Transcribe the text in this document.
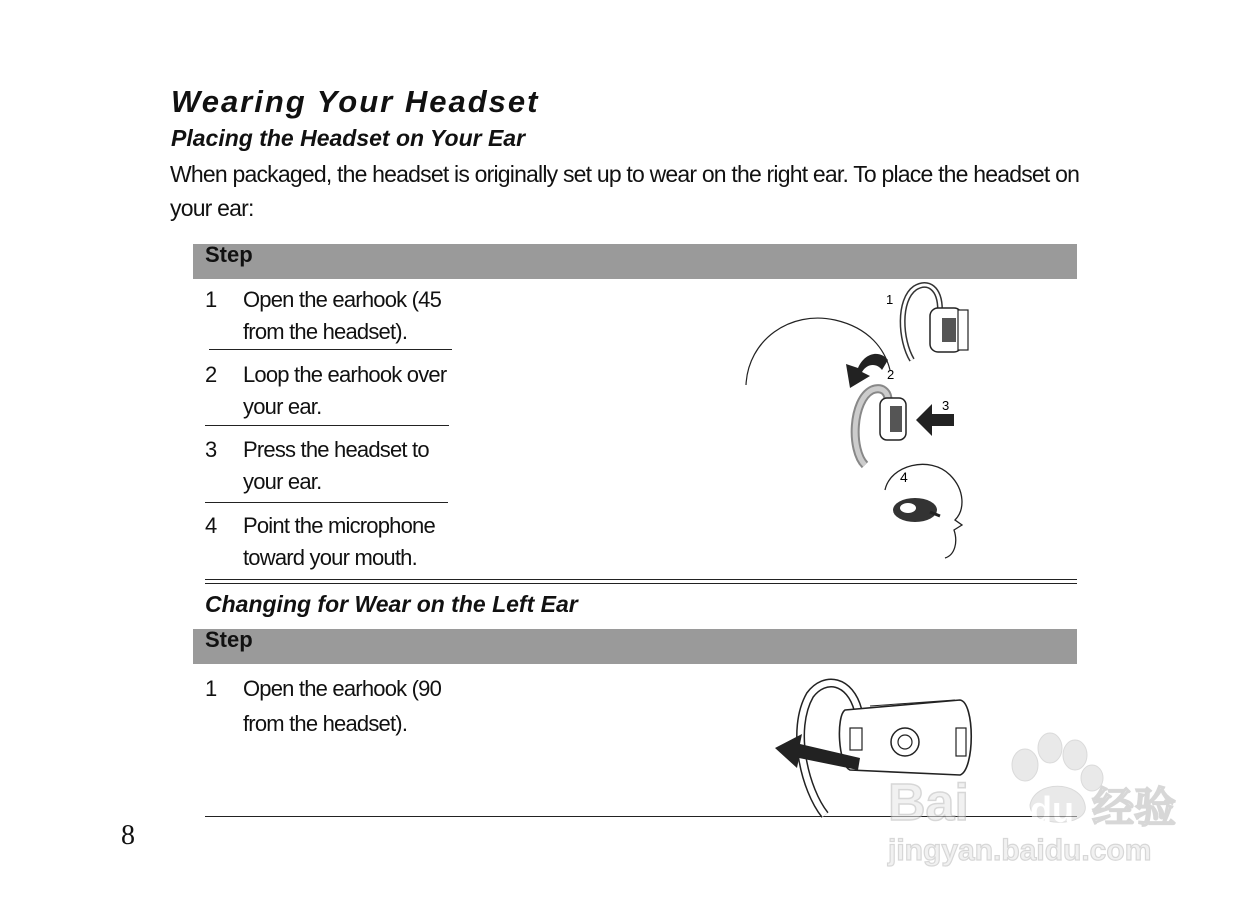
Wearing Your Headset
Placing the Headset on Your Ear
When packaged, the headset is originally set up to wear on the right ear. To place the headset on your ear:
Step
1	Open the earhook (45 from the headset).
2	Loop the earhook over your ear.
3	Press the headset to your ear.
4	Point the microphone toward your mouth.
1
2
3
4
Changing for Wear on the Left Ear
Step
1	Open the earhook (90 from the headset).
Bai du 经验
jingyan.baidu.com
8
